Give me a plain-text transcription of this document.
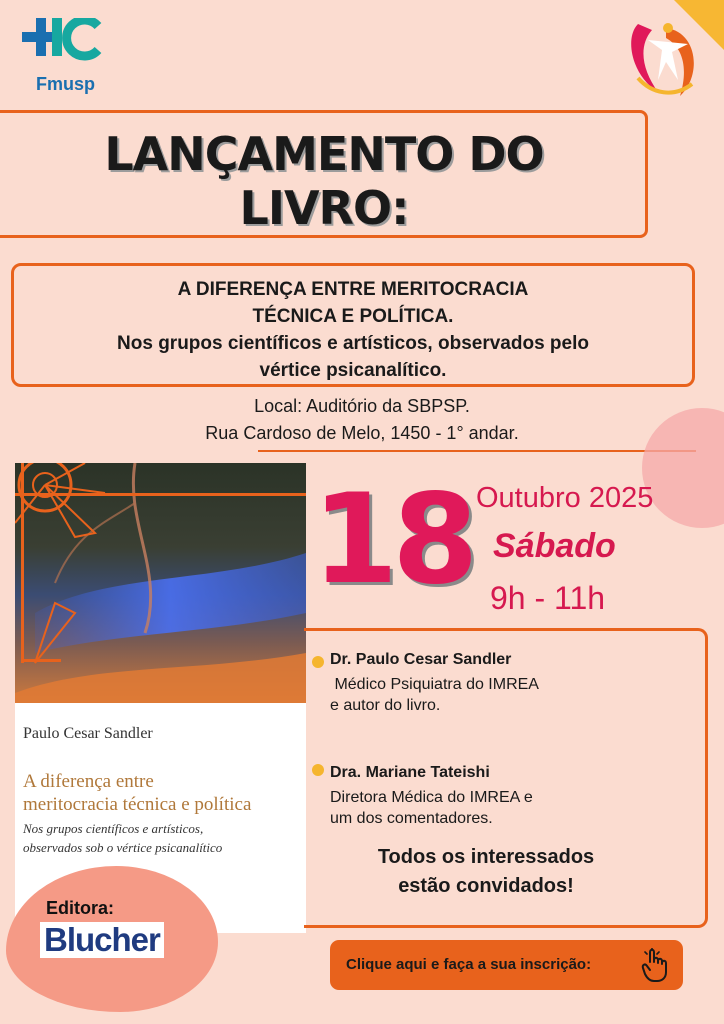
Fmusp
LANÇAMENTO DO
LIVRO:
A DIFERENÇA ENTRE MERITOCRACIA
TÉCNICA E POLÍTICA.
Nos grupos científicos e artísticos, observados pelo
vértice psicanalítico.
Local: Auditório da SBPSP.
Rua Cardoso de Melo, 1450 - 1° andar.
Paulo Cesar Sandler
A diferença entre
meritocracia técnica e política
Nos grupos científicos e artísticos,
observados sob o vértice psicanalítico
Editora:
Blucher
18 Outubro 2025
Sábado
9h - 11h
Dr. Paulo Cesar Sandler
Médico Psiquiatra do IMREA
e autor do livro.
Dra. Mariane Tateishi
Diretora Médica do IMREA e
um dos comentadores.
Todos os interessados
estão convidados!
Clique aqui e faça a sua inscrição:
